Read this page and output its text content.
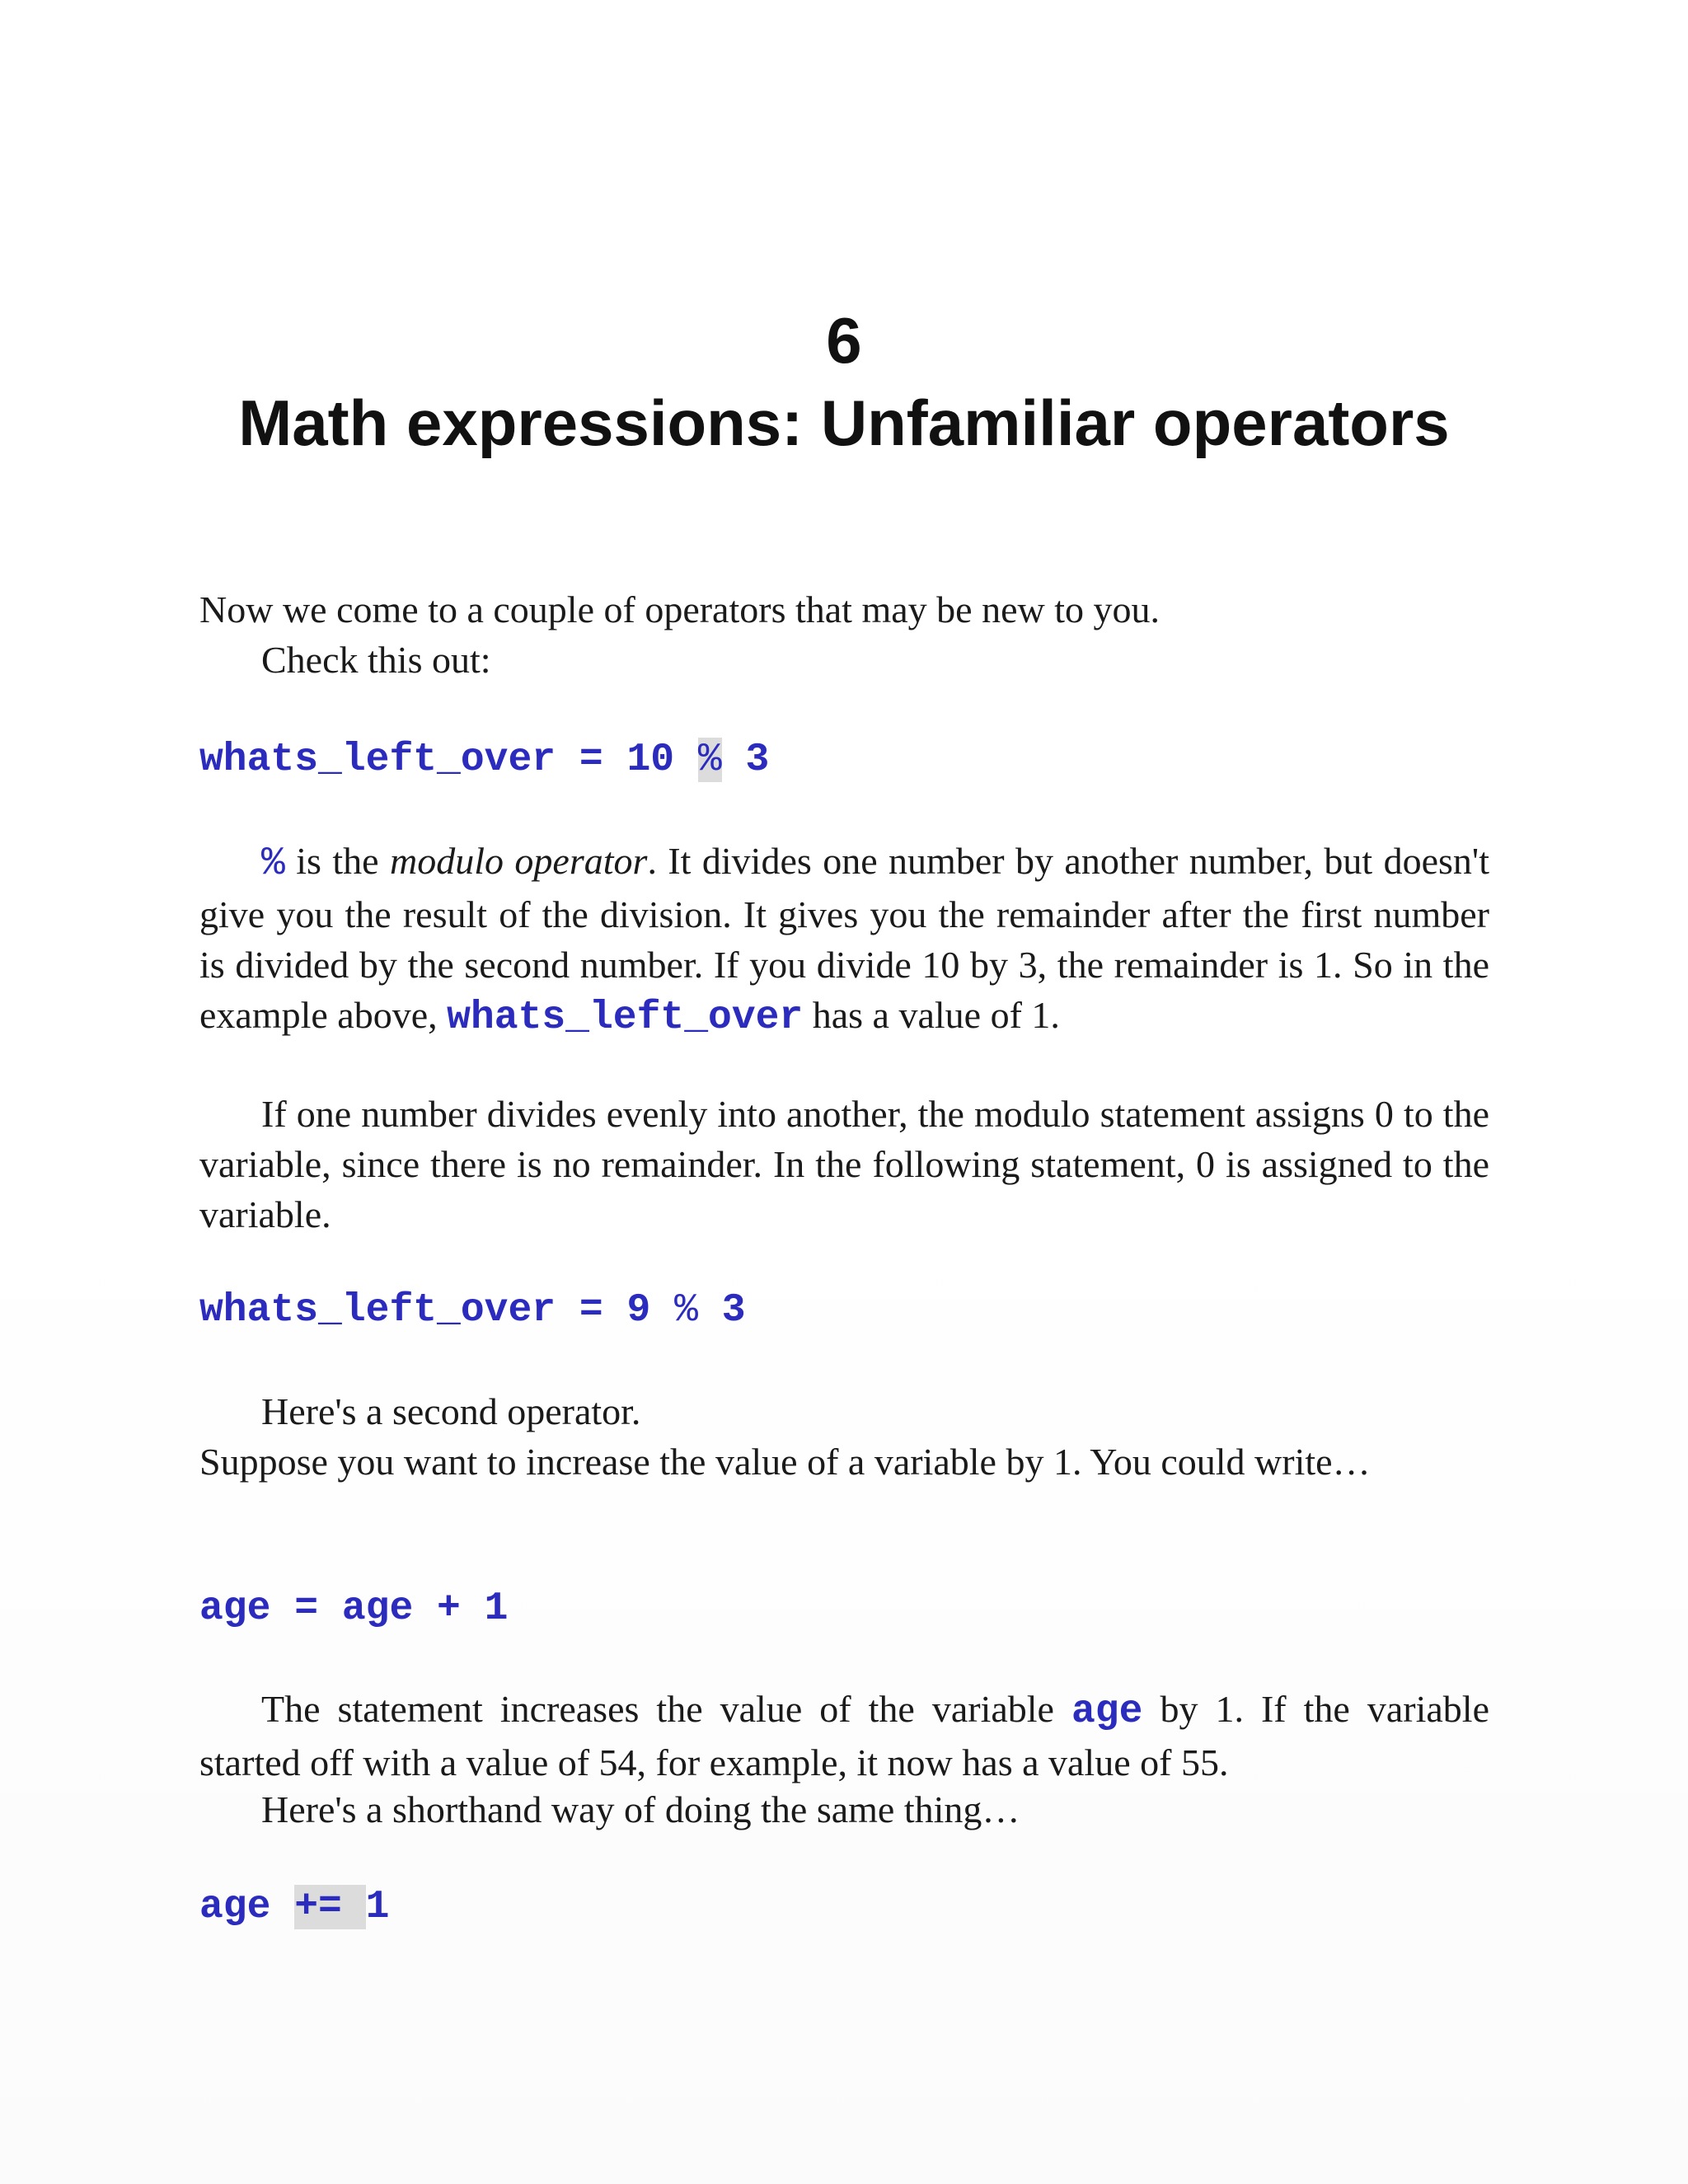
6
Math expressions: Unfamiliar operators

Now we come to a couple of operators that may be new to you.
Check this out:

whats_left_over = 10 % 3

% is the modulo operator. It divides one number by another number, but doesn't give you the result of the division. It gives you the remainder after the first number is divided by the second number. If you divide 10 by 3, the remainder is 1. So in the example above, whats_left_over has a value of 1.

If one number divides evenly into another, the modulo statement assigns 0 to the variable, since there is no remainder. In the following statement, 0 is assigned to the variable.

whats_left_over = 9 % 3

Here's a second operator.
Suppose you want to increase the value of a variable by 1. You could write…

age = age + 1

The statement increases the value of the variable age by 1. If the variable started off with a value of 54, for example, it now has a value of 55.

Here's a shorthand way of doing the same thing…

age += 1
